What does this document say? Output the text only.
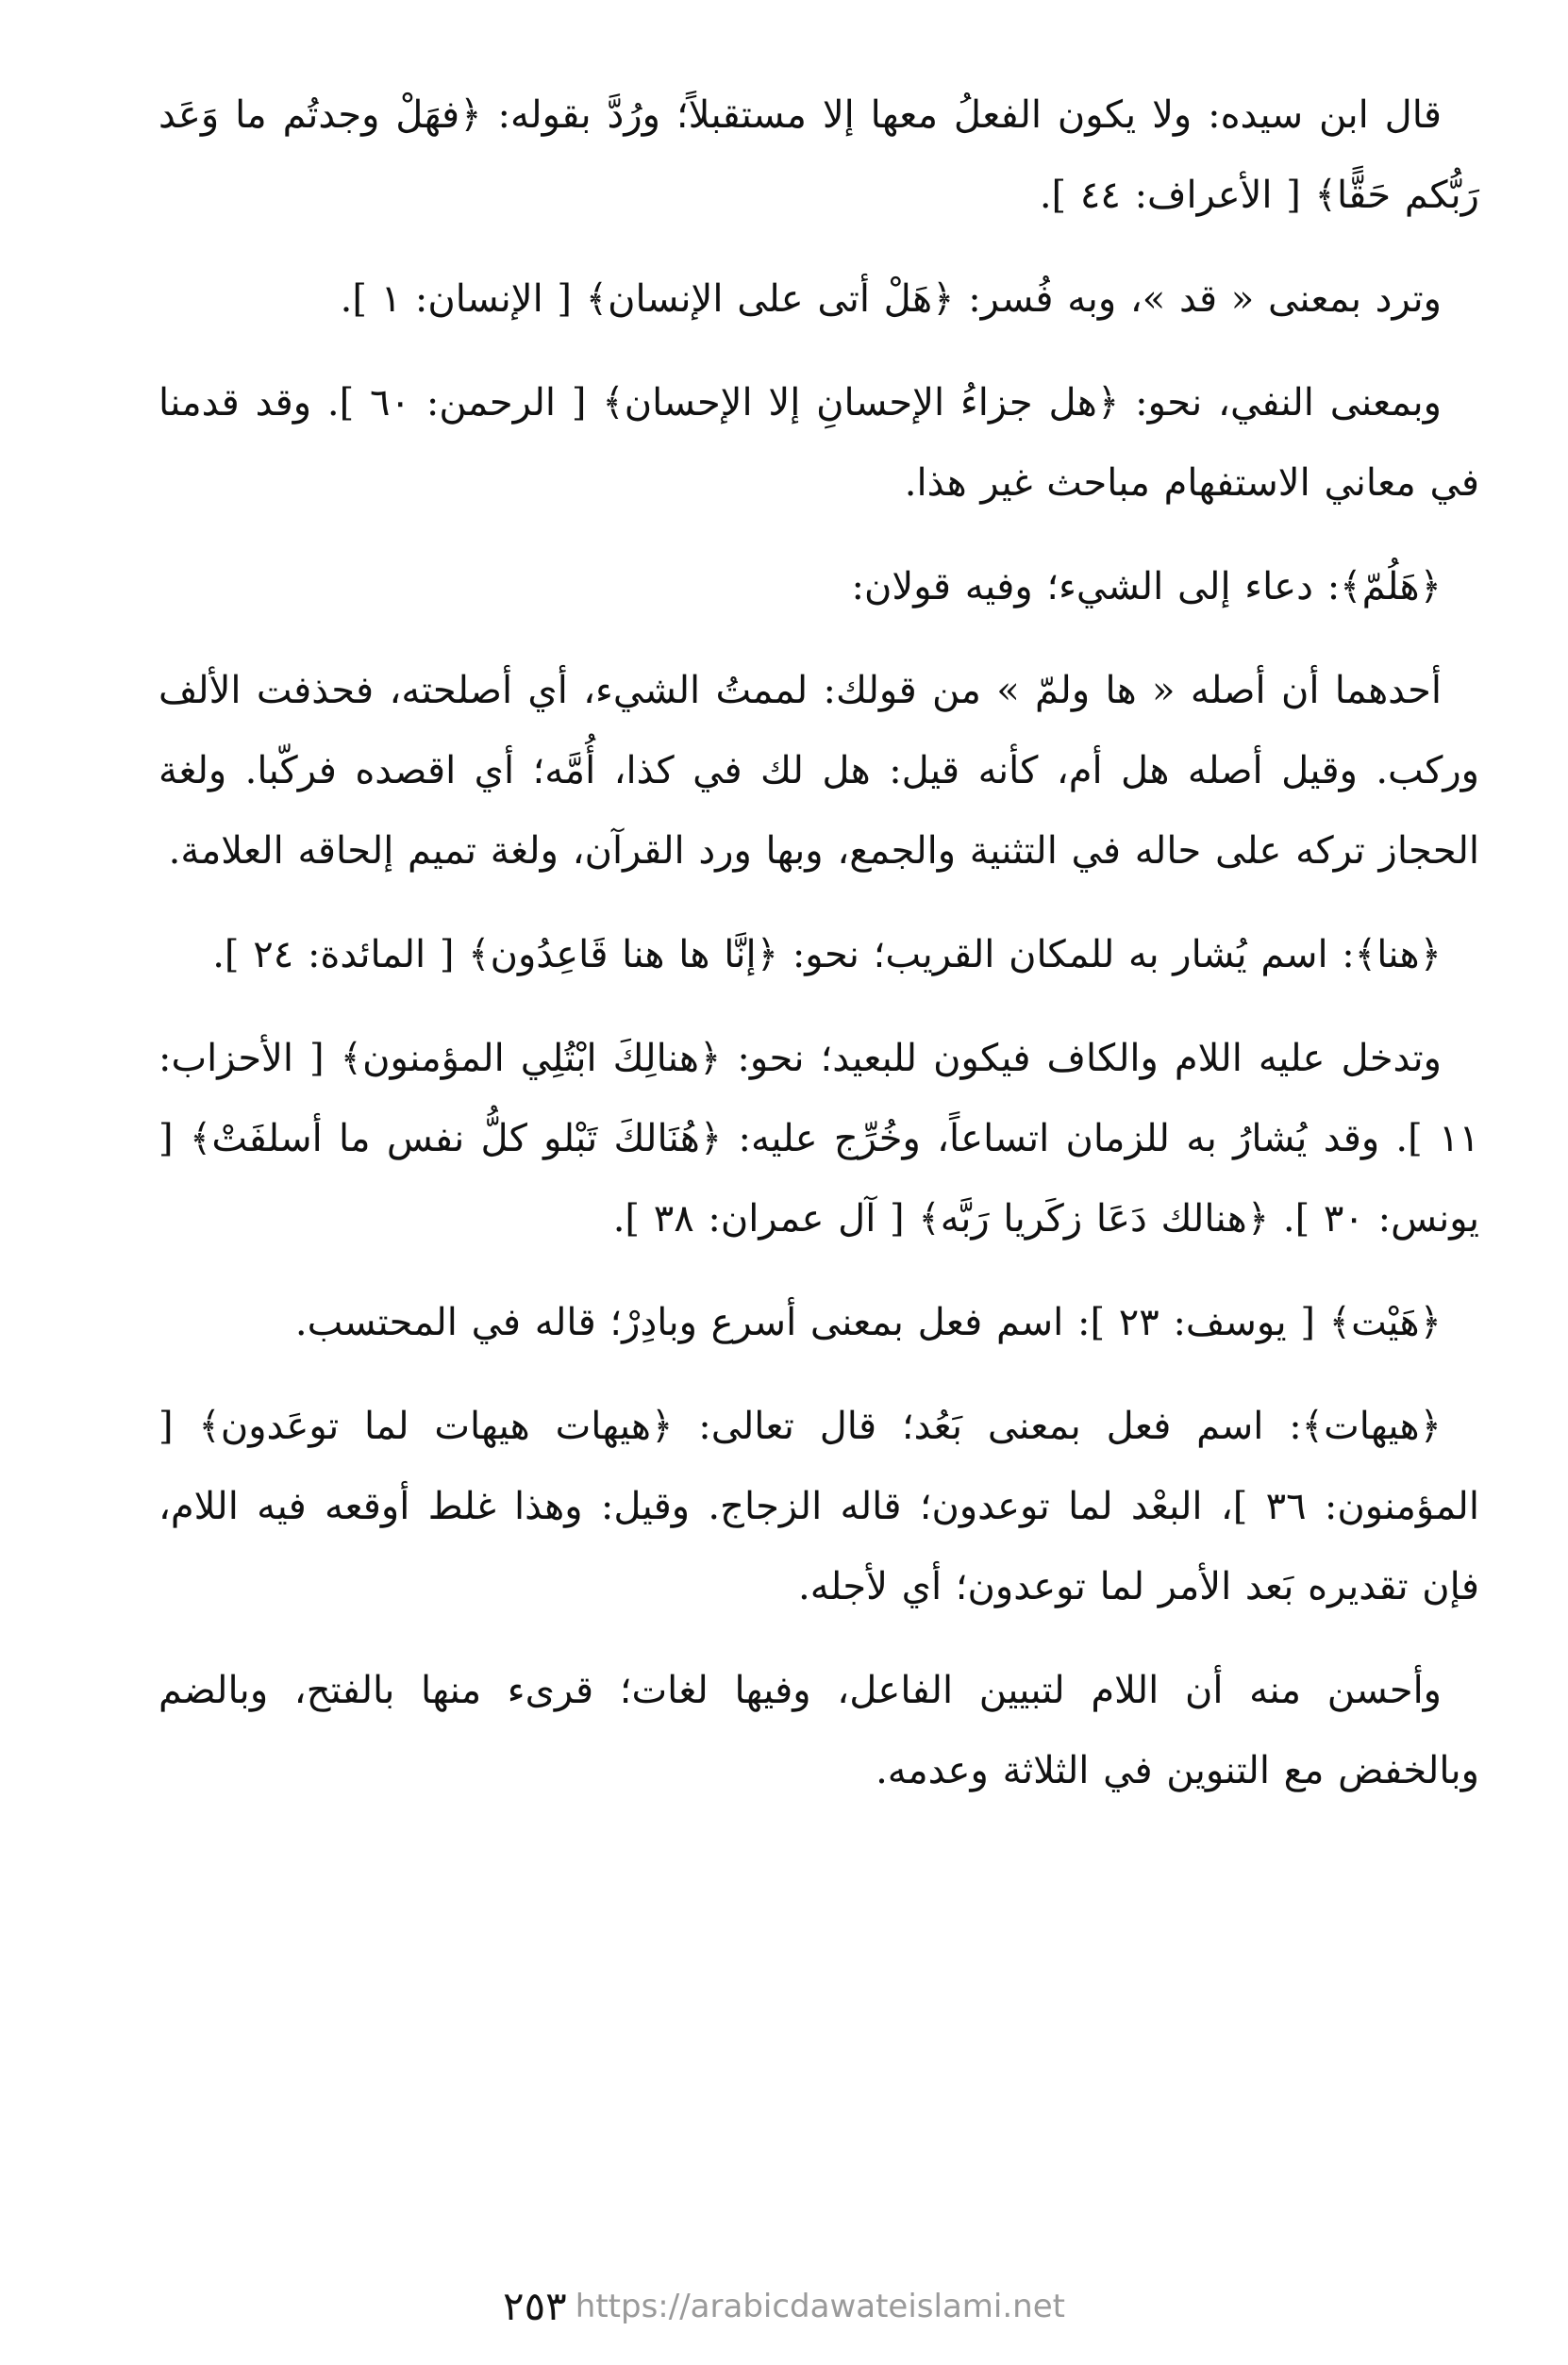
قال ابن سيده: ولا يكون الفعلُ معها إلا مستقبلاً؛ ورُدَّ بقوله: ﴿فهَلْ وجدتُم ما وَعَد رَبُّكم حَقًّا﴾ [ الأعراف: ٤٤ ].

وترد بمعنى « قد »، وبه فُسر: ﴿هَلْ أتى على الإنسان﴾ [ الإنسان: ١ ].

وبمعنى النفي، نحو: ﴿هل جزاءُ الإحسانِ إلا الإحسان﴾ [ الرحمن: ٦٠ ]. وقد قدمنا في معاني الاستفهام مباحث غير هذا.

﴿هَلُمّ﴾: دعاء إلى الشيء؛ وفيه قولان:

أحدهما أن أصله « ها ولمّ » من قولك: لممتُ الشيء، أي أصلحته، فحذفت الألف وركب. وقيل أصله هل أم، كأنه قيل: هل لك في كذا، أُمَّه؛ أي اقصده فركّبا. ولغة الحجاز تركه على حاله في التثنية والجمع، وبها ورد القرآن، ولغة تميم إلحاقه العلامة.

﴿هنا﴾: اسم يُشار به للمكان القريب؛ نحو: ﴿إنَّا ها هنا قَاعِدُون﴾ [ المائدة: ٢٤ ].

وتدخل عليه اللام والكاف فيكون للبعيد؛ نحو: ﴿هنالِكَ ابْتُلِي المؤمنون﴾ [ الأحزاب: ١١ ]. وقد يُشارُ به للزمان اتساعاً، وخُرِّج عليه: ﴿هُنَالكَ تَبْلو كلُّ نفس ما أسلفَتْ﴾ [ يونس: ٣٠ ]. ﴿هنالك دَعَا زكَريا رَبَّه﴾ [ آل عمران: ٣٨ ].

﴿هَيْت﴾ [ يوسف: ٢٣ ]: اسم فعل بمعنى أسرع وبادِرْ؛ قاله في المحتسب.

﴿هيهات﴾: اسم فعل بمعنى بَعُد؛ قال تعالى: ﴿هيهات هيهات لما توعَدون﴾ [ المؤمنون: ٣٦ ]، البعْد لما توعدون؛ قاله الزجاج. وقيل: وهذا غلط أوقعه فيه اللام، فإن تقديره بَعد الأمر لما توعدون؛ أي لأجله.

وأحسن منه أن اللام لتبيين الفاعل، وفيها لغات؛ قرىء منها بالفتح، وبالضم وبالخفض مع التنوين في الثلاثة وعدمه.

٢٥٣ https://arabicdawateislami.net
